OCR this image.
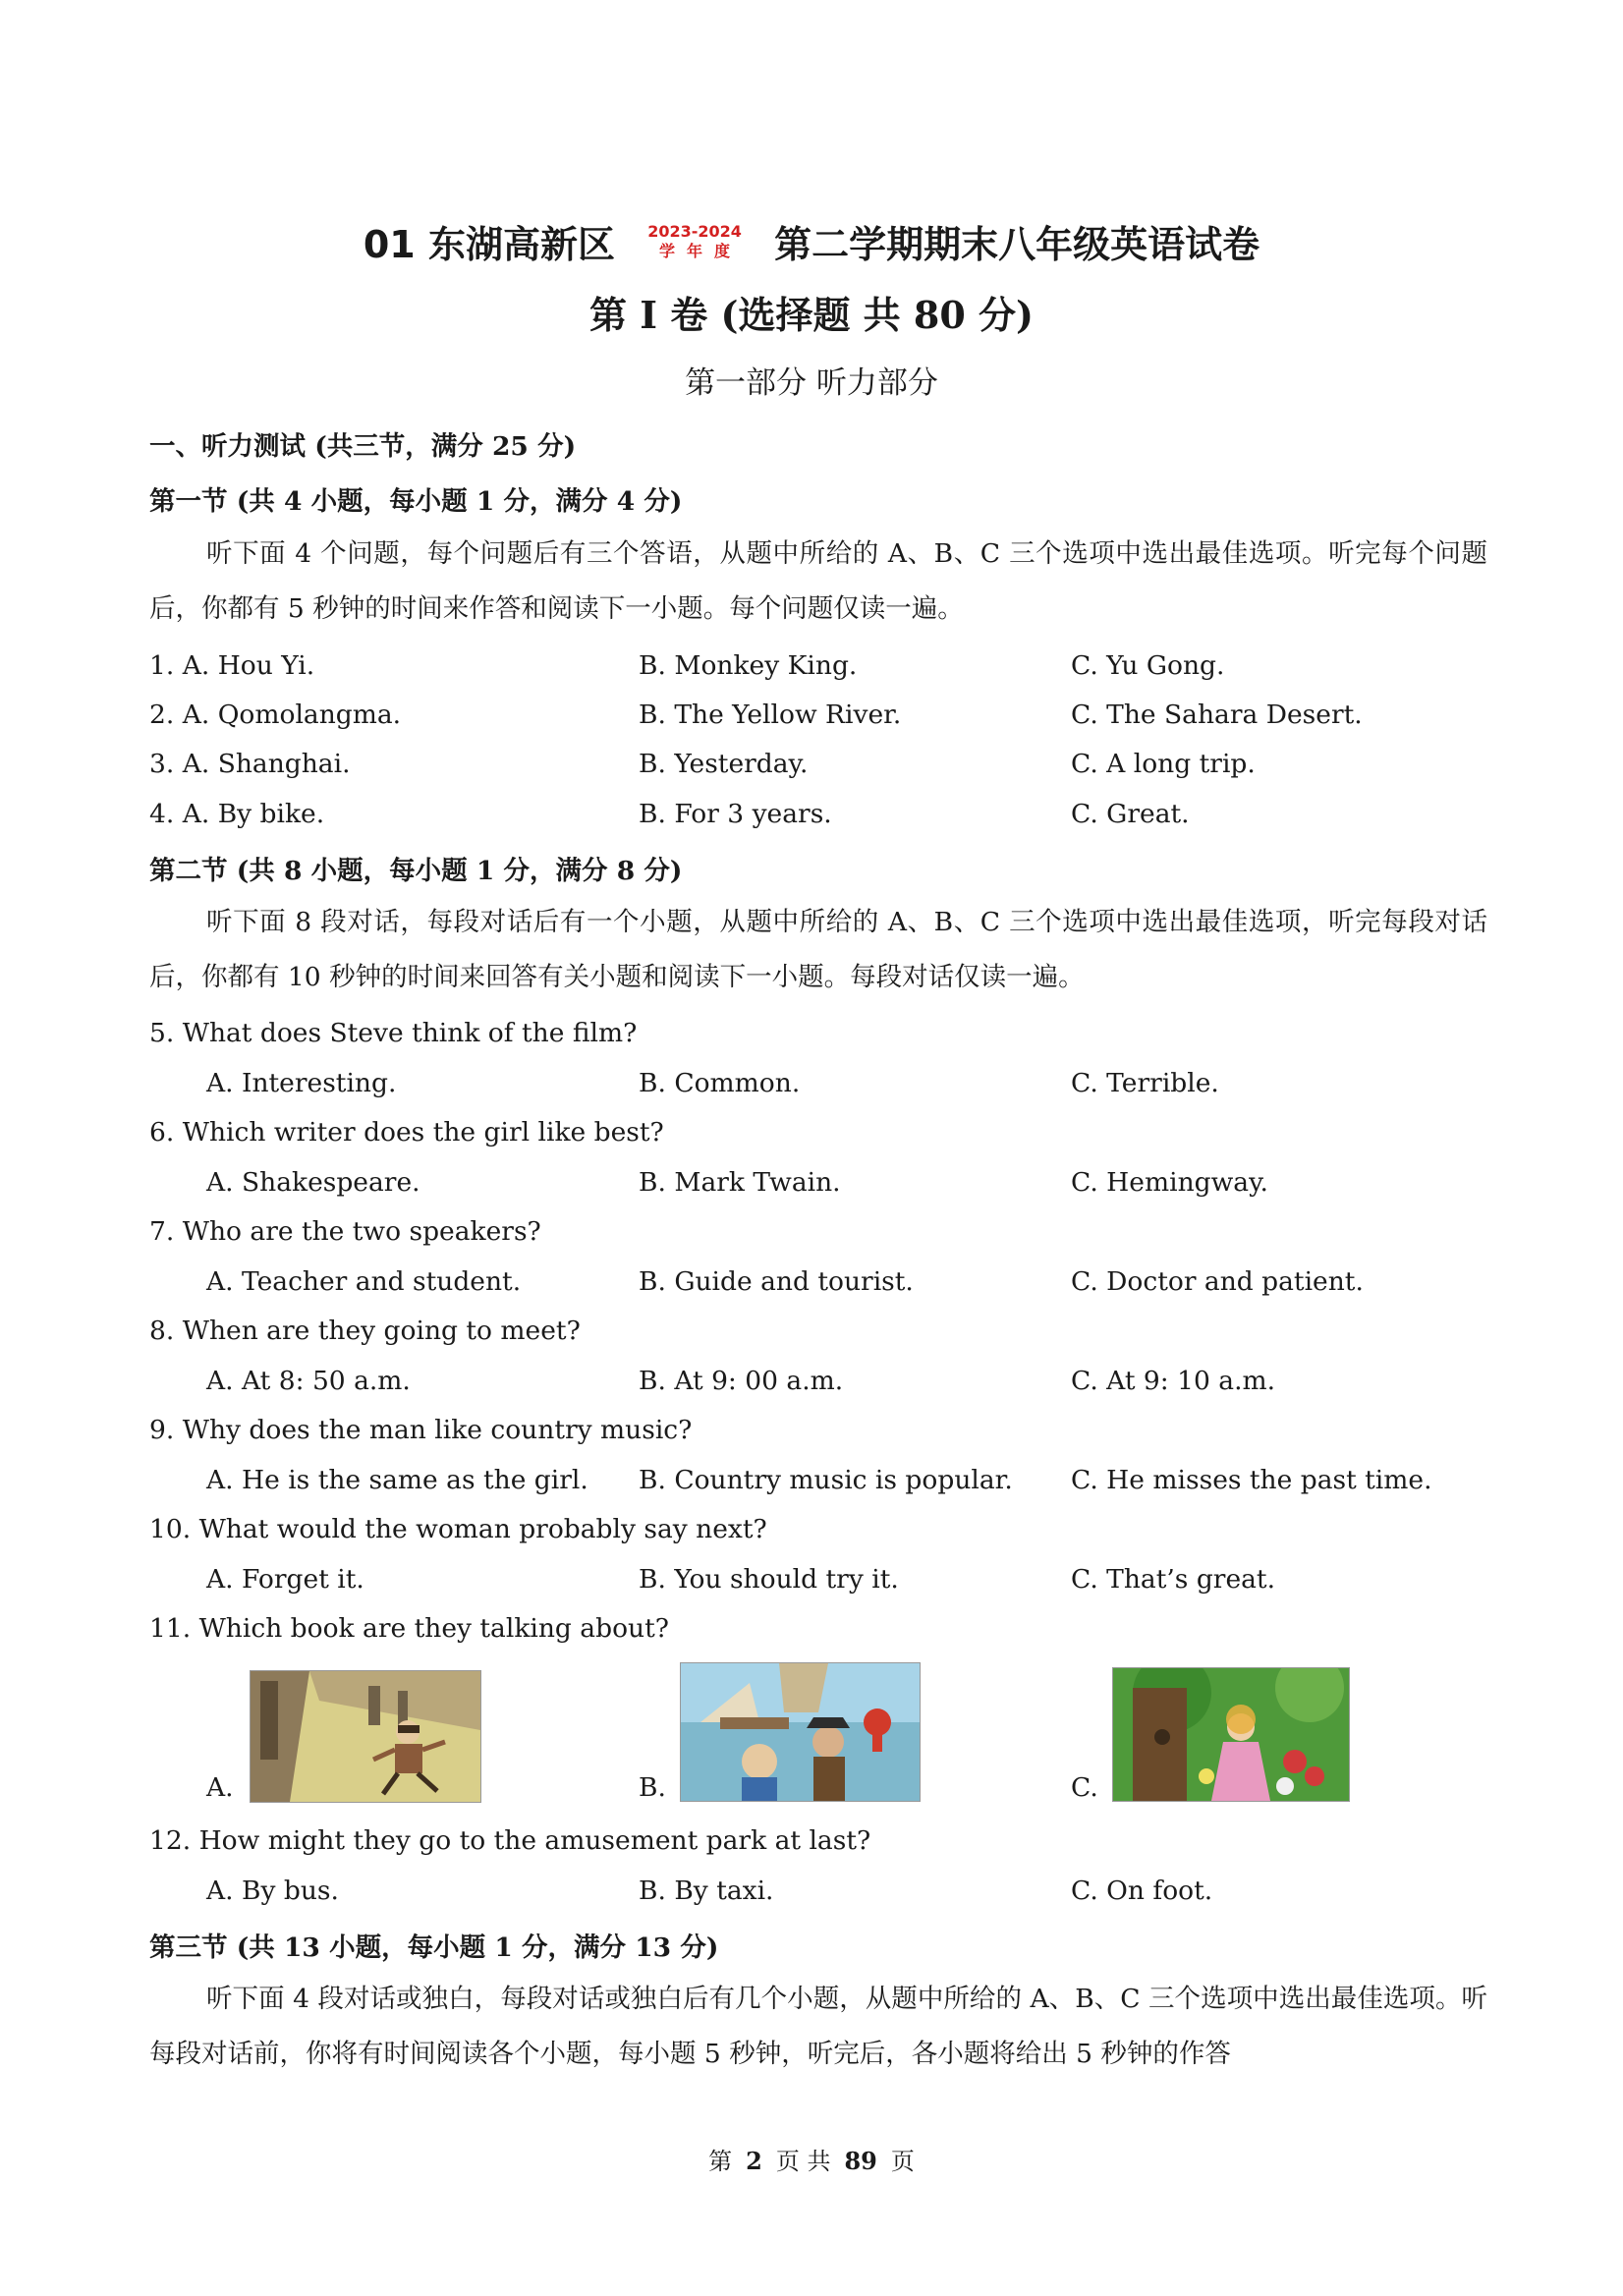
01 东湖高新区 2023-2024
学年度 第二学期期末八年级英语试卷
第 I 卷 (选择题 共 80 分)
第一部分 听力部分
一、听力测试 (共三节，满分 25 分)
第一节 (共 4 小题，每小题 1 分，满分 4 分)
听下面 4 个问题，每个问题后有三个答语，从题中所给的 A、B、C 三个选项中选出最佳选项。听完每个问题后，你都有 5 秒钟的时间来作答和阅读下一小题。每个问题仅读一遍。
1. A. Hou Yi.	B. Monkey King.	C. Yu Gong.
2. A. Qomolangma.	B. The Yellow River.	C. The Sahara Desert.
3. A. Shanghai.	B. Yesterday.	C. A long trip.
4. A. By bike.	B. For 3 years.	C. Great.
第二节 (共 8 小题，每小题 1 分，满分 8 分)
听下面 8 段对话，每段对话后有一个小题，从题中所给的 A、B、C 三个选项中选出最佳选项，听完每段对话后，你都有 10 秒钟的时间来回答有关小题和阅读下一小题。每段对话仅读一遍。
5. What does Steve think of the film?
A. Interesting.	B. Common.	C. Terrible.
6. Which writer does the girl like best?
A. Shakespeare.	B. Mark Twain.	C. Hemingway.
7. Who are the two speakers?
A. Teacher and student.	B. Guide and tourist.	C. Doctor and patient.
8. When are they going to meet?
A. At 8: 50 a.m.	B. At 9: 00 a.m.	C. At 9: 10 a.m.
9. Why does the man like country music?
A. He is the same as the girl. B. Country music is popular. C. He misses the past time.
10. What would the woman probably say next?
A. Forget it.	B. You should try it.	C. That’s great.
11. Which book are they talking about?
A.	B.	C.
12. How might they go to the amusement park at last?
A. By bus.	B. By taxi.	C. On foot.
第三节 (共 13 小题，每小题 1 分，满分 13 分)
听下面 4 段对话或独白，每段对话或独白后有几个小题，从题中所给的 A、B、C 三个选项中选出最佳选项。听每段对话前，你将有时间阅读各个小题，每小题 5 秒钟，听完后，各小题将给出 5 秒钟的作答
第 2 页 共 89 页
